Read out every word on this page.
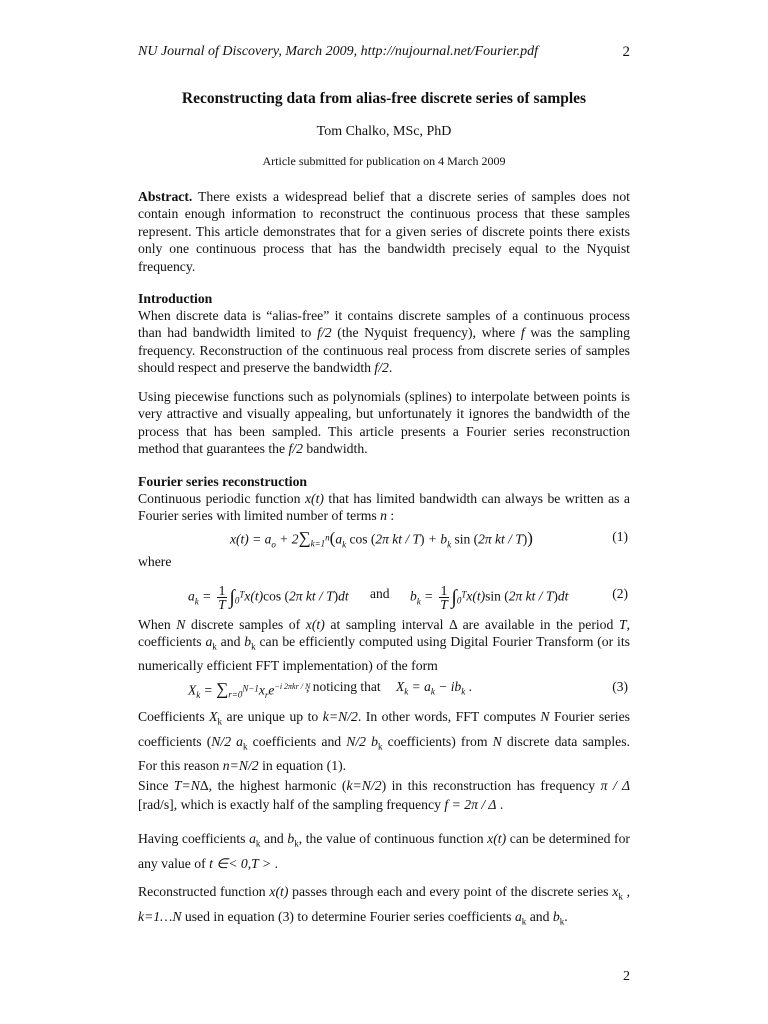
NU Journal of Discovery, March 2009, http://nujournal.net/Fourier.pdf	2
Reconstructing data from alias-free discrete series of samples
Tom Chalko, MSc, PhD
Article submitted for publication on 4 March 2009
Abstract. There exists a widespread belief that a discrete series of samples does not contain enough information to reconstruct the continuous process that these samples represent. This article demonstrates that for a given series of discrete points there exists only one continuous process that has the bandwidth precisely equal to the Nyquist frequency.
Introduction
When discrete data is “alias-free” it contains discrete samples of a continuous process than had bandwidth limited to f/2 (the Nyquist frequency), where f was the sampling frequency. Reconstruction of the continuous real process from discrete series of samples should respect and preserve the bandwidth f/2.
Using piecewise functions such as polynomials (splines) to interpolate between points is very attractive and visually appealing, but unfortunately it ignores the bandwidth of the process that has been sampled. This article presents a Fourier series reconstruction method that guarantees the f/2 bandwidth.
Fourier series reconstruction
Continuous periodic function x(t) that has limited bandwidth can always be written as a Fourier series with limited number of terms n :
$x(t) = a_o + 2\sum_{k=1}^n(a_k$ cos (2π kt / $T) + b_k$ sin (2π kt / T))	(1)
where
$a_k = \frac{1}{T} \int_0^Tx(t)\cos$ (2π kt / T)dt and $b_k = \frac{1}{T} \int_0^Tx(t)\sin$ (2π kt / T)dt	(2)
When N discrete samples of x(t) at sampling interval Δ are available in the period T, coefficients $a_k$ and $b_k$ can be efficiently computed using Digital Fourier Transform (or its numerically efficient FFT implementation) of the form
$X_k = \sum_{r=0}^{N-1}x_re^{-i 2\pi kr / N}$
, noticing that $X_k = a_k - ib_k$ .	(3)
Coefficients $X_k$ are unique up to k=N/2. In other words, FFT computes N Fourier series coefficients (N/2 $a_k$ coefficients and N/2 $b_k$ coefficients) from N discrete data samples. For this reason n=N/2 in equation (1).
Since T=NΔ, the highest harmonic (k=N/2) in this reconstruction has frequency π / Δ [rad/s], which is exactly half of the sampling frequency f = 2π / Δ .
Having coefficients $a_k$ and $b_k$, the value of continuous function x(t) can be determined for any value of t ∈< 0,T > .
Reconstructed function x(t) passes through each and every point of the discrete series $x_k$ , k=1…N used in equation (3) to determine Fourier series coefficients $a_k$ and $b_k$.
2
